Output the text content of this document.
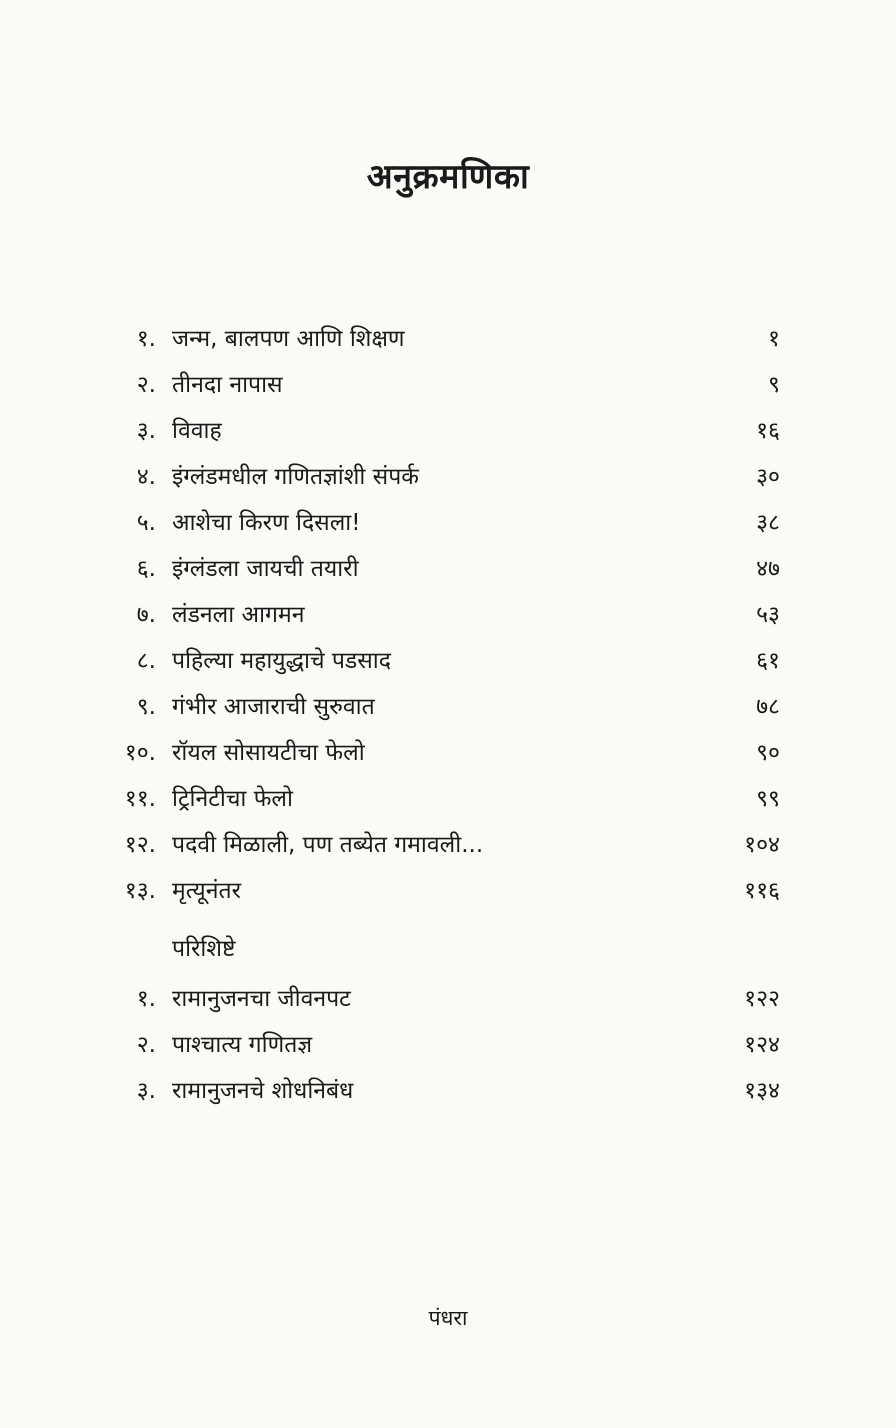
अनुक्रमणिका
१. जन्म, बालपण आणि शिक्षण	१
२. तीनदा नापास	९
३. विवाह	१६
४. इंग्लंडमधील गणितज्ञांशी संपर्क	३०
५. आशेचा किरण दिसला!	३८
६. इंग्लंडला जायची तयारी	४७
७. लंडनला आगमन	५३
८. पहिल्या महायुद्धाचे पडसाद	६१
९. गंभीर आजाराची सुरुवात	७८
१०. रॉयल सोसायटीचा फेलो	९०
११. ट्रिनिटीचा फेलो	९९
१२. पदवी मिळाली, पण तब्येत गमावली...	१०४
१३. मृत्यूनंतर	११६
परिशिष्टे
१. रामानुजनचा जीवनपट	१२२
२. पाश्चात्य गणितज्ञ	१२४
३. रामानुजनचे शोधनिबंध	१३४
पंधरा
